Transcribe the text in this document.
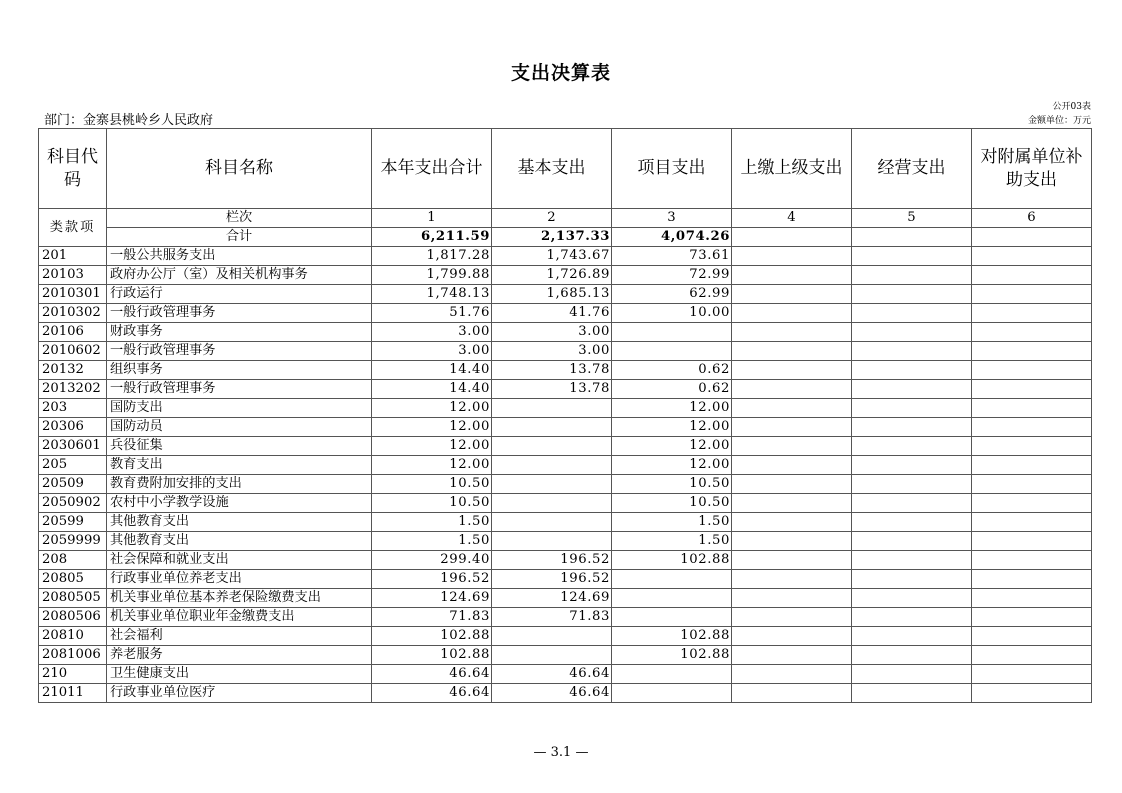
支出决算表
部门：金寨县桃岭乡人民政府
公开03表
金额单位：万元
科目代码	科目名称	本年支出合计	基本支出	项目支出	上缴上级支出	经营支出	对附属单位补助支出

类款项	栏次	1	2	3	4	5	6
	合计	6,211.59	2,137.33	4,074.26			
201	一般公共服务支出	1,817.28	1,743.67	73.61			
20103	政府办公厅（室）及相关机构事务	1,799.88	1,726.89	72.99			
2010301	行政运行	1,748.13	1,685.13	62.99			
2010302	一般行政管理事务	51.76	41.76	10.00			
20106	财政事务	3.00	3.00				
2010602	一般行政管理事务	3.00	3.00				
20132	组织事务	14.40	13.78	0.62			
2013202	一般行政管理事务	14.40	13.78	0.62			
203	国防支出	12.00		12.00			
20306	国防动员	12.00		12.00			
2030601	兵役征集	12.00		12.00			
205	教育支出	12.00		12.00			
20509	教育费附加安排的支出	10.50		10.50			
2050902	农村中小学教学设施	10.50		10.50			
20599	其他教育支出	1.50		1.50			
2059999	其他教育支出	1.50		1.50			
208	社会保障和就业支出	299.40	196.52	102.88			
20805	行政事业单位养老支出	196.52	196.52				
2080505	机关事业单位基本养老保险缴费支出	124.69	124.69				
2080506	机关事业单位职业年金缴费支出	71.83	71.83				
20810	社会福利	102.88		102.88			
2081006	养老服务	102.88		102.88			
210	卫生健康支出	46.64	46.64				
21011	行政事业单位医疗	46.64	46.64				
— 3.1 —
